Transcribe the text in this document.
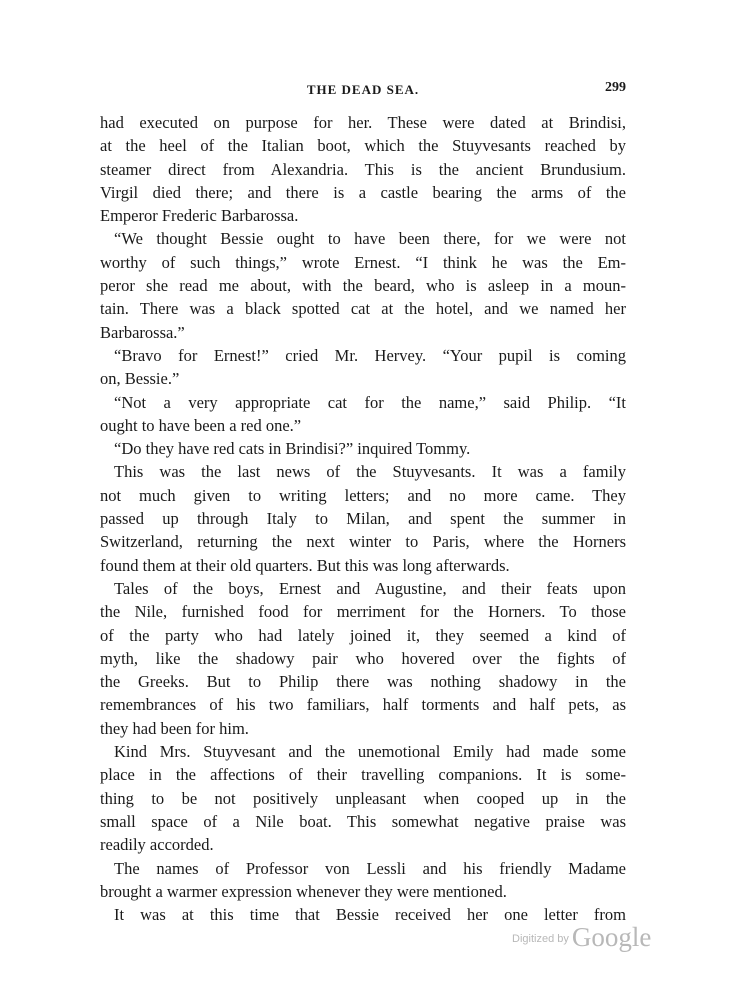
THE DEAD SEA.	299
had executed on purpose for her. These were dated at Brindisi,
at the heel of the Italian boot, which the Stuyvesants reached by
steamer direct from Alexandria. This is the ancient Brundusium.
Virgil died there; and there is a castle bearing the arms of the
Emperor Frederic Barbarossa.
“We thought Bessie ought to have been there, for we were not
worthy of such things,” wrote Ernest. “I think he was the Em-
peror she read me about, with the beard, who is asleep in a moun-
tain. There was a black spotted cat at the hotel, and we named her
Barbarossa.”
“Bravo for Ernest!” cried Mr. Hervey. “Your pupil is coming
on, Bessie.”
“Not a very appropriate cat for the name,” said Philip. “It
ought to have been a red one.”
“Do they have red cats in Brindisi?” inquired Tommy.
This was the last news of the Stuyvesants. It was a family
not much given to writing letters; and no more came. They
passed up through Italy to Milan, and spent the summer in
Switzerland, returning the next winter to Paris, where the Horners
found them at their old quarters. But this was long afterwards.
Tales of the boys, Ernest and Augustine, and their feats upon
the Nile, furnished food for merriment for the Horners. To those
of the party who had lately joined it, they seemed a kind of
myth, like the shadowy pair who hovered over the fights of
the Greeks. But to Philip there was nothing shadowy in the
remembrances of his two familiars, half torments and half pets, as
they had been for him.
Kind Mrs. Stuyvesant and the unemotional Emily had made some
place in the affections of their travelling companions. It is some-
thing to be not positively unpleasant when cooped up in the
small space of a Nile boat. This somewhat negative praise was
readily accorded.
The names of Professor von Lessli and his friendly Madame
brought a warmer expression whenever they were mentioned.
It was at this time that Bessie received her one letter from
$^{Digitized by}$ Google
